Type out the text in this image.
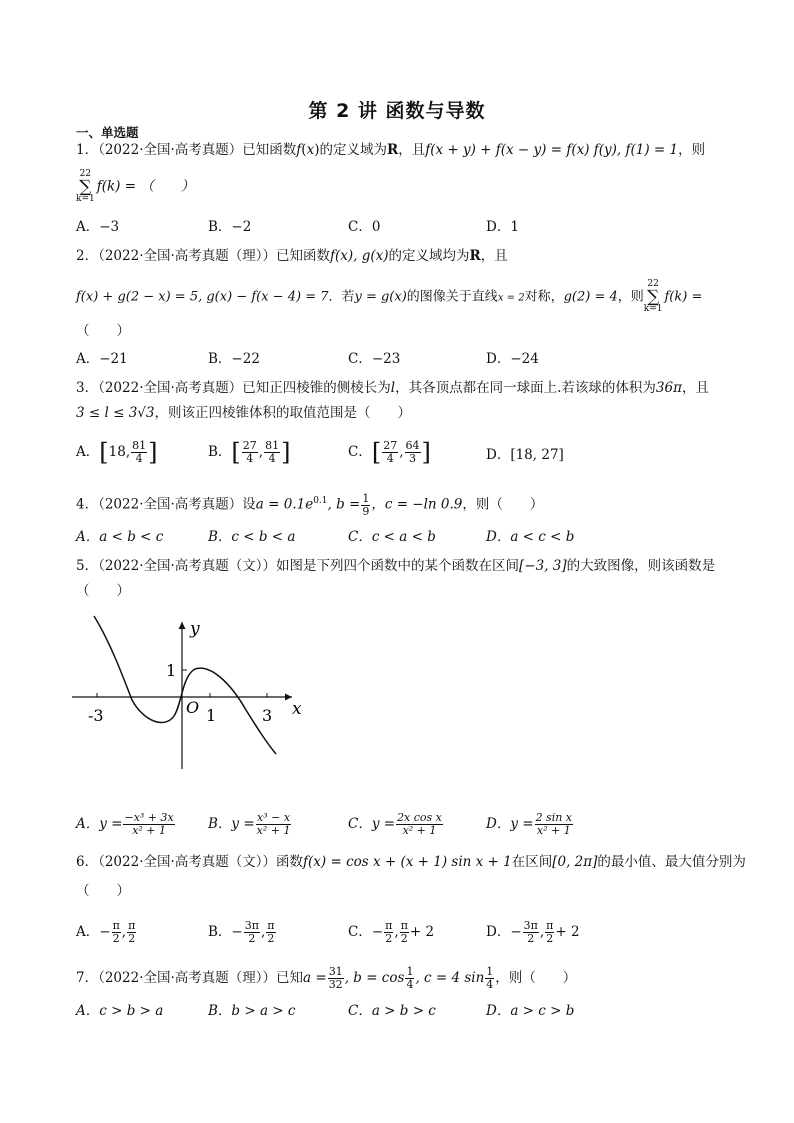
第 2 讲 函数与导数
一、单选题
1．（2022·全国·高考真题）已知函数f(x)的定义域为R，且f(x + y) + f(x − y) = f(x) f(y), f(1) = 1，则
22
∑
k=1f(k) = （　　）
A．−3	B．−2	C．0	D．1
2．（2022·全国·高考真题（理））已知函数f(x), g(x)的定义域均为R，且
f(x) + g(2 − x) = 5, g(x) − f(x − 4) = 7．若y = g(x)的图像关于直线x = 2对称，g(2) = 4，则22
∑
k=1f(k) =
（　　）
A．−21	B．−22	C．−23	D．−24
3．（2022·全国·高考真题）已知正四棱锥的侧棱长为l，其各顶点都在同一球面上.若该球的体积为36π，且
3 ≤ l ≤ 3√3，则该正四棱锥体积的取值范围是（　　）
A．[18, $\frac{81}{4}$ ]	B．[ $\frac{27}{4}$ , $\frac{81}{4}$ ]	C．[ $\frac{27}{4}$ , $\frac{64}{3}$ ]	D．[18, 27]
4．（2022·全国·高考真题）设$a = 0.1e^{0.1}$, $b = \frac{1}{9}$ ，c = −ln 0.9，则（　　）
A．a < b < c	B．c < b < a	C．c < a < b	D．a < c < b
5．（2022·全国·高考真题（文））如图是下列四个函数中的某个函数在区间[−3, 3]的大致图像，则该函数是
（　　）
y
x
O
1
-3	1	3
A．$y = \frac{\text{−x³ + 3x}}{\text{x² + 1}}$ B．$y = \frac{\text{x³ − x}}{\text{x² + 1}}$	C．$y = \frac{\text{2x cos x}}{\text{x² + 1}}$	D．$y = \frac{\text{2 sin x}}{\text{x² + 1}}$
6．（2022·全国·高考真题（文））函数f(x) = cos x + (x + 1) sin x + 1在区间[0, 2π]的最小值、最大值分别为
（　　）
A．− $\frac{\pi}{2}$ , $\frac{\pi}{2}$	B．− $\frac{3\pi}{2}$ , $\frac{\pi}{2}$	C．− $\frac{\pi}{2}$ , $\frac{\pi}{2} + 2$	D．− $\frac{3\pi}{2}$ , $\frac{\pi}{2} + 2$
7．（2022·全国·高考真题（理））已知$a = \frac{31}{32}$ , $b = \cos \frac{1}{4}$ , c = 4 $\sin \frac{1}{4}$ ，则（　　）
A．c > b > a	B．b > a > c	C．a > b > c	D．a > c > b
